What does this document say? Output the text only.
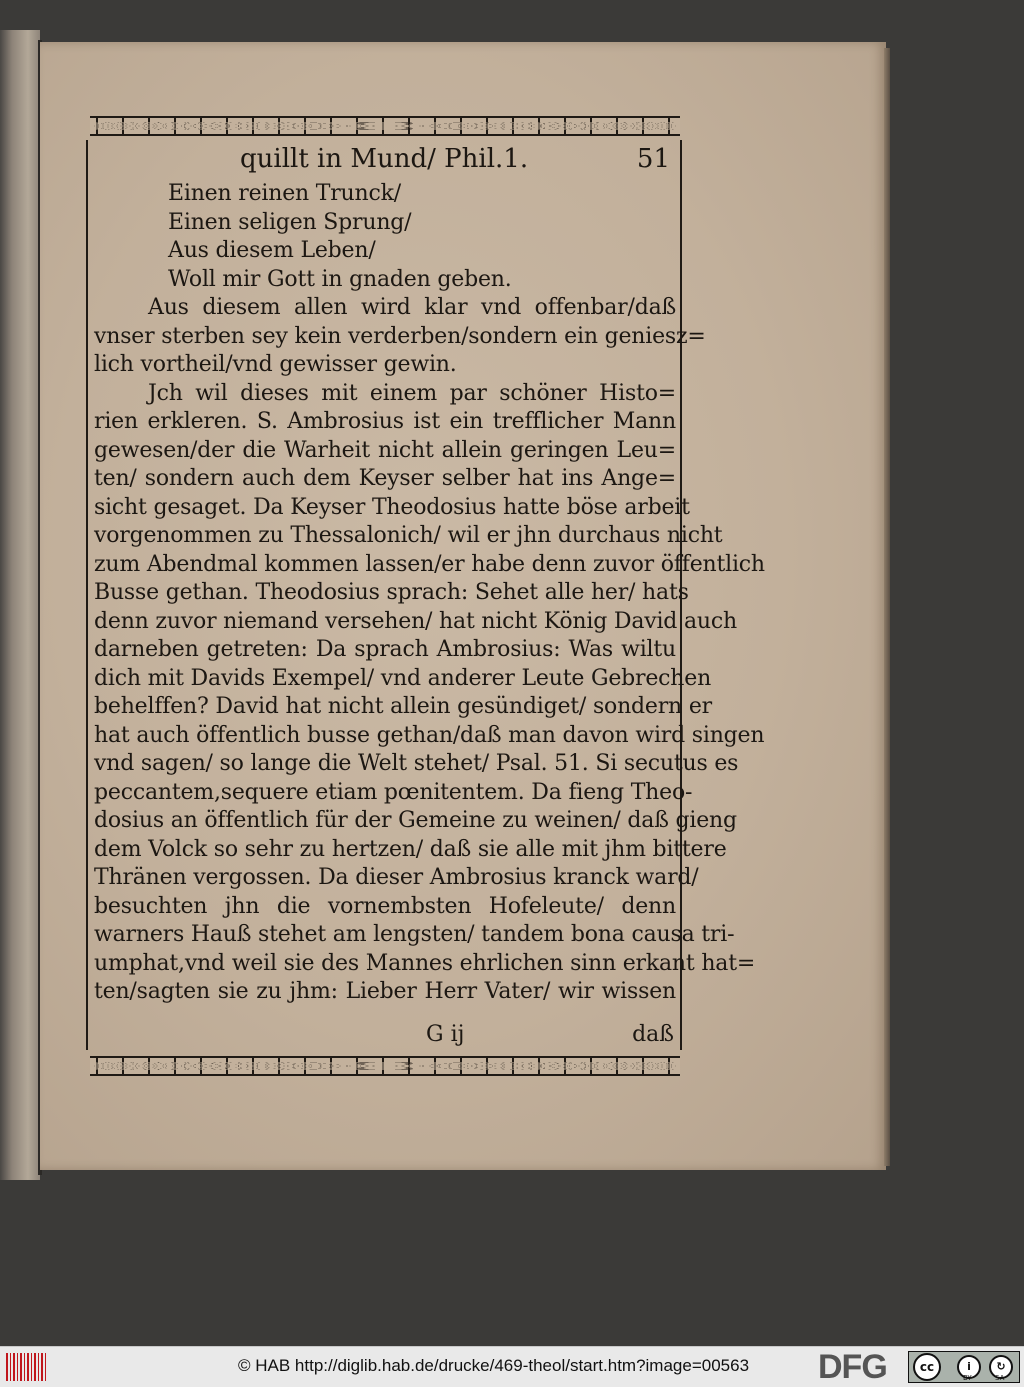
quillt in Mund/ Phil.1.	51
Einen reinen Trunck/
Einen seligen Sprung/
Aus diesem Leben/
Woll mir Gott in gnaden geben.
Aus diesem allen wird klar vnd offenbar/daß
vnser sterben sey kein verderben/sondern ein geniesz=
lich vortheil/vnd gewisser gewin.
Jch wil dieses mit einem par schöner Histo=
rien erkleren. S. Ambrosius ist ein trefflicher Mann
gewesen/der die Warheit nicht allein geringen Leu=
ten/ sondern auch dem Keyser selber hat ins Ange=
sicht gesaget. Da Keyser Theodosius hatte böse arbeit
vorgenommen zu Thessalonich/ wil er jhn durchaus nicht
zum Abendmal kommen lassen/er habe denn zuvor öffentlich
Busse gethan. Theodosius sprach: Sehet alle her/ hats
denn zuvor niemand versehen/ hat nicht König David auch
darneben getreten: Da sprach Ambrosius: Was wiltu
dich mit Davids Exempel/ vnd anderer Leute Gebrechen
behelffen? David hat nicht allein gesündiget/ sondern er
hat auch öffentlich busse gethan/daß man davon wird singen
vnd sagen/ so lange die Welt stehet/ Psal. 51. Si secutus es
peccantem,sequere etiam pœnitentem. Da fieng Theo-
dosius an öffentlich für der Gemeine zu weinen/ daß gieng
dem Volck so sehr zu hertzen/ daß sie alle mit jhm bittere
Thränen vergossen. Da dieser Ambrosius kranck ward/
besuchten jhn die vornembsten Hofeleute/ denn
warners Hauß stehet am lengsten/ tandem bona causa tri-
umphat,vnd weil sie des Mannes ehrlichen sinn erkant hat=
ten/sagten sie zu jhm: Lieber Herr Vater/ wir wissen
G ij	daß
© HAB http://diglib.hab.de/drucke/469-theol/start.htm?image=00563 DFG	cc	i	↻
BY	SA
